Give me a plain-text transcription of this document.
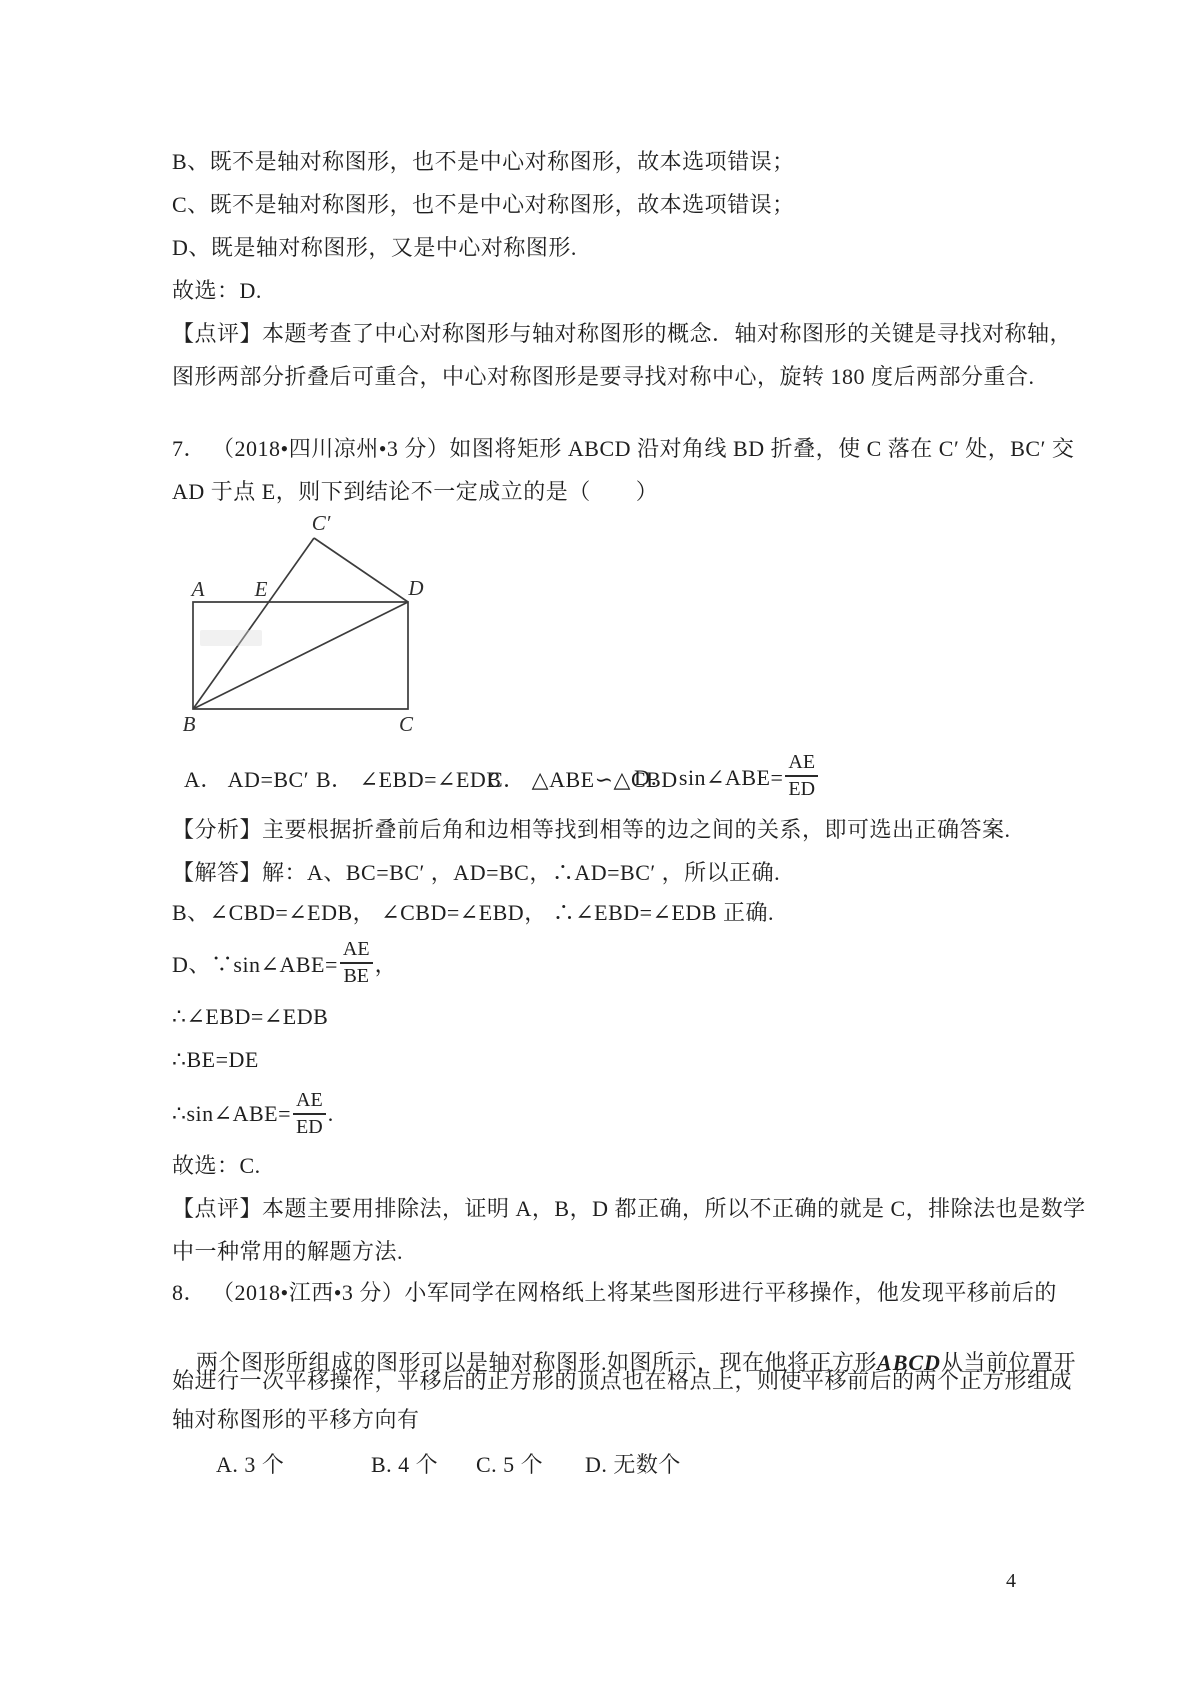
B、既不是轴对称图形，也不是中心对称图形，故本选项错误；
C、既不是轴对称图形，也不是中心对称图形，故本选项错误；
D、既是轴对称图形，又是中心对称图形.
故选：D.
【点评】本题考查了中心对称图形与轴对称图形的概念．轴对称图形的关键是寻找对称轴，
图形两部分折叠后可重合，中心对称图形是要寻找对称中心，旋转 180 度后两部分重合.
7． （2018•四川凉州•3 分）如图将矩形 ABCD 沿对角线 BD 折叠，使 C 落在 C′ 处，BC′ 交
AD 于点 E，则下到结论不一定成立的是（　　）
C′
A E	D
B	C
A． AD=BC′ B． ∠EBD=∠EDB
C． △ABE∽△CBD
D． sin∠ABE= $\frac{AE}{ED}$
【分析】主要根据折叠前后角和边相等找到相等的边之间的关系，即可选出正确答案.
【解答】解：A、BC=BC′ ，AD=BC，∴AD=BC′ ，所以正确.
B、∠CBD=∠EDB， ∠CBD=∠EBD， ∴∠EBD=∠EDB 正确.
D、∵sin∠ABE= $\frac{AE}{BE}$ ，
∴∠EBD=∠EDB
∴BE=DE
∴sin∠ABE= $\frac{AE}{ED}$ .
故选：C.
【点评】本题主要用排除法，证明 A，B，D 都正确，所以不正确的就是 C，排除法也是数学
中一种常用的解题方法.
8． （2018•江西•3 分）小军同学在网格纸上将某些图形进行平移操作，他发现平移前后的

两个图形所组成的图形可以是轴对称图形.如图所示，现在他将正方形ABCD从当前位置开

始进行一次平移操作，平移后的正方形的顶点也在格点上，则使平移前后的两个正方形组成
轴对称图形的平移方向有
A. 3 个	B. 4 个 C. 5 个 D. 无数个
4
